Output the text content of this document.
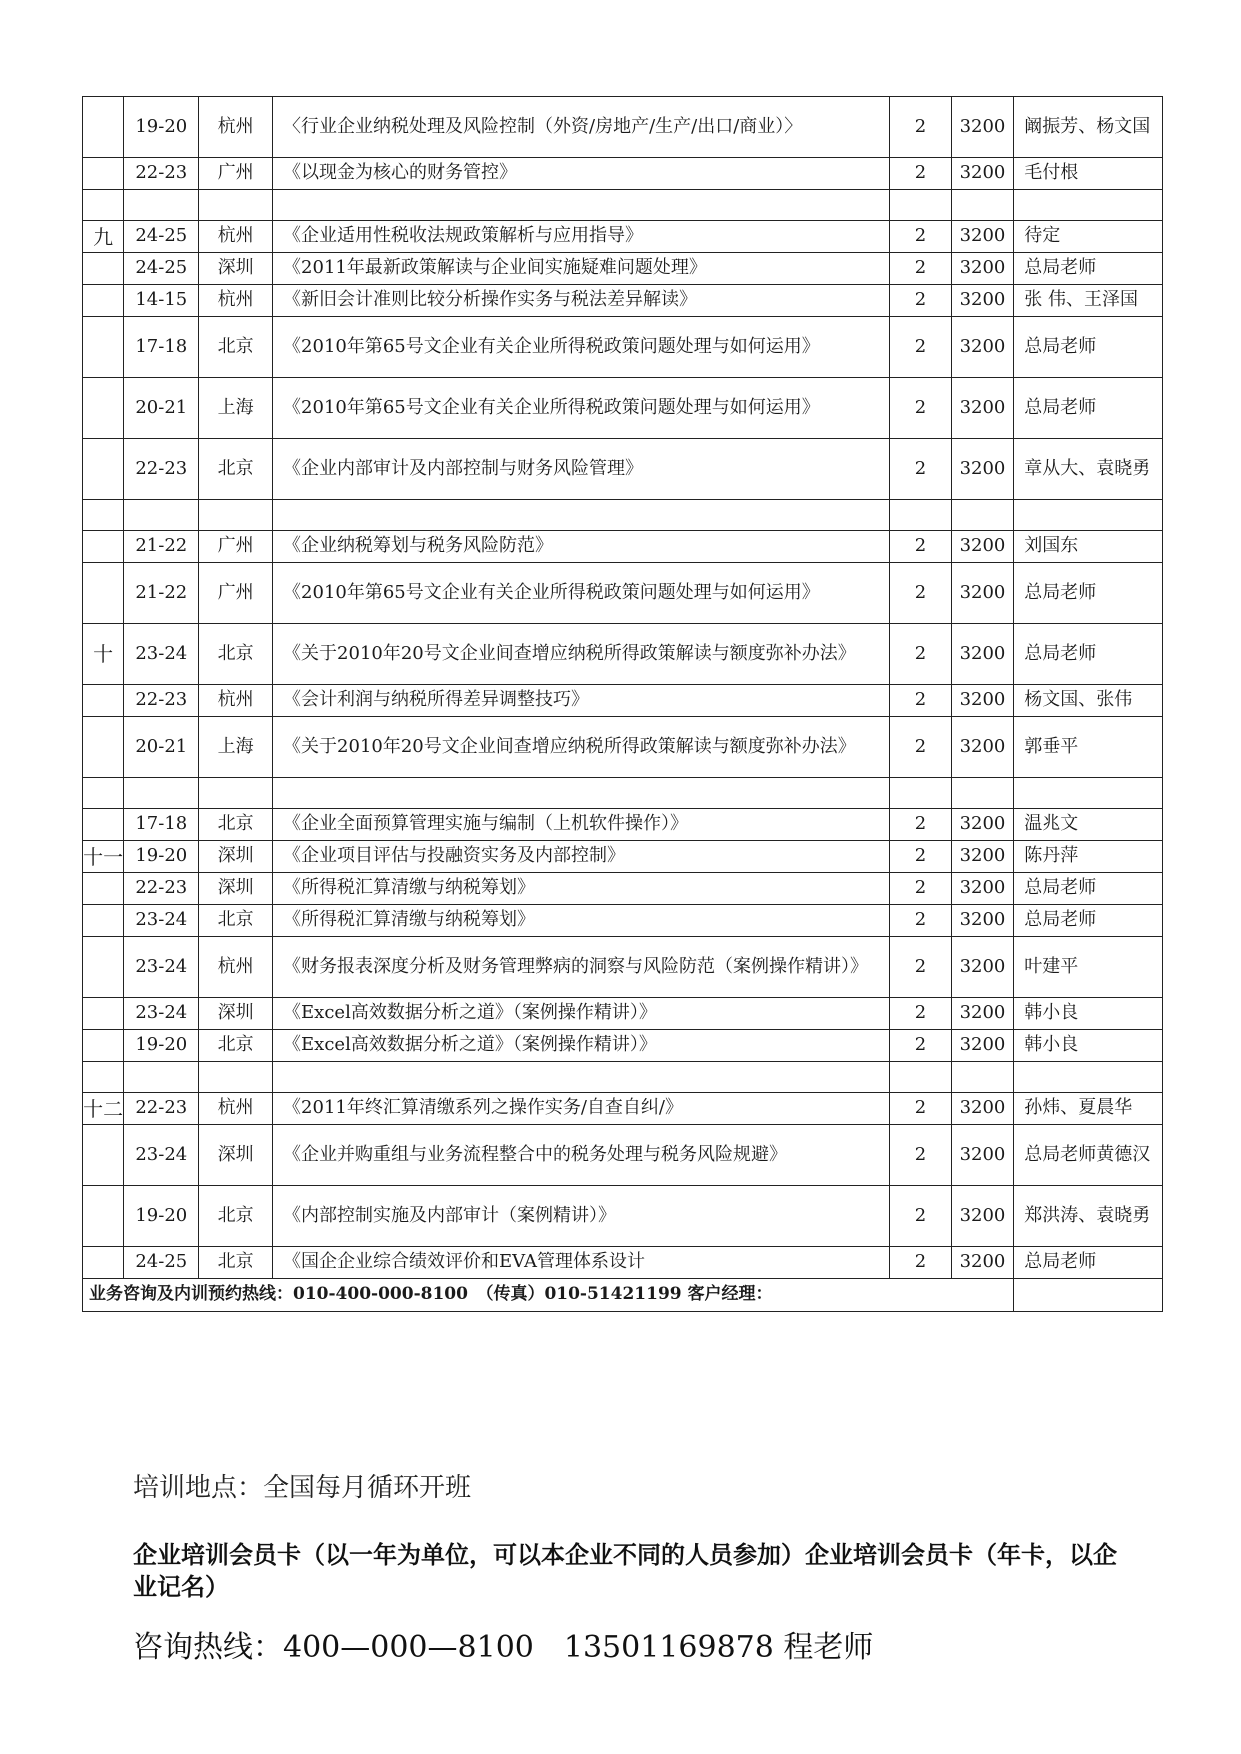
	19-20	杭州	〈行业企业纳税处理及风险控制（外资/房地产/生产/出口/商业）〉	2	3200	阚振芳、杨文国
	22-23	广州	《以现金为核心的财务管控》	2	3200	毛付根

九	24-25	杭州	《企业适用性税收法规政策解析与应用指导》	2	3200	待定
	24-25	深圳	《2011年最新政策解读与企业间实施疑难问题处理》	2	3200	总局老师
	14-15	杭州	《新旧会计准则比较分析操作实务与税法差异解读》	2	3200	张 伟、王泽国
	17-18	北京	《2010年第65号文企业有关企业所得税政策问题处理与如何运用》	2	3200	总局老师
	20-21	上海	《2010年第65号文企业有关企业所得税政策问题处理与如何运用》	2	3200	总局老师
	22-23	北京	《企业内部审计及内部控制与财务风险管理》	2	3200	章从大、袁晓勇

	21-22	广州	《企业纳税筹划与税务风险防范》	2	3200	刘国东
	21-22	广州	《2010年第65号文企业有关企业所得税政策问题处理与如何运用》	2	3200	总局老师
十	23-24	北京	《关于2010年20号文企业间查增应纳税所得政策解读与额度弥补办法》	2	3200	总局老师
	22-23	杭州	《会计利润与纳税所得差异调整技巧》	2	3200	杨文国、张伟
	20-21	上海	《关于2010年20号文企业间查增应纳税所得政策解读与额度弥补办法》	2	3200	郭垂平

	17-18	北京	《企业全面预算管理实施与编制（上机软件操作）》	2	3200	温兆文
十一	19-20	深圳	《企业项目评估与投融资实务及内部控制》	2	3200	陈丹萍
	22-23	深圳	《所得税汇算清缴与纳税筹划》	2	3200	总局老师
	23-24	北京	《所得税汇算清缴与纳税筹划》	2	3200	总局老师
	23-24	杭州	《财务报表深度分析及财务管理弊病的洞察与风险防范（案例操作精讲）》	2	3200	叶建平
	23-24	深圳	《Excel高效数据分析之道》（案例操作精讲）》	2	3200	韩小良
	19-20	北京	《Excel高效数据分析之道》（案例操作精讲）》	2	3200	韩小良

十二	22-23	杭州	《2011年终汇算清缴系列之操作实务/自查自纠/》	2	3200	孙炜、夏晨华
	23-24	深圳	《企业并购重组与业务流程整合中的税务处理与税务风险规避》	2	3200	总局老师黄德汉
	19-20	北京	《内部控制实施及内部审计（案例精讲）》	2	3200	郑洪涛、袁晓勇
	24-25	北京	《国企企业综合绩效评价和EVA管理体系设计	2	3200	总局老师
业务咨询及内训预约热线：010-400-000-8100　（传真）010-51421199 客户经理：						
培训地点：全国每月循环开班
企业培训会员卡（以一年为单位，可以本企业不同的人员参加）企业培训会员卡（年卡，以企业记名）
咨询热线：400—000—8100　13501169878 程老师
